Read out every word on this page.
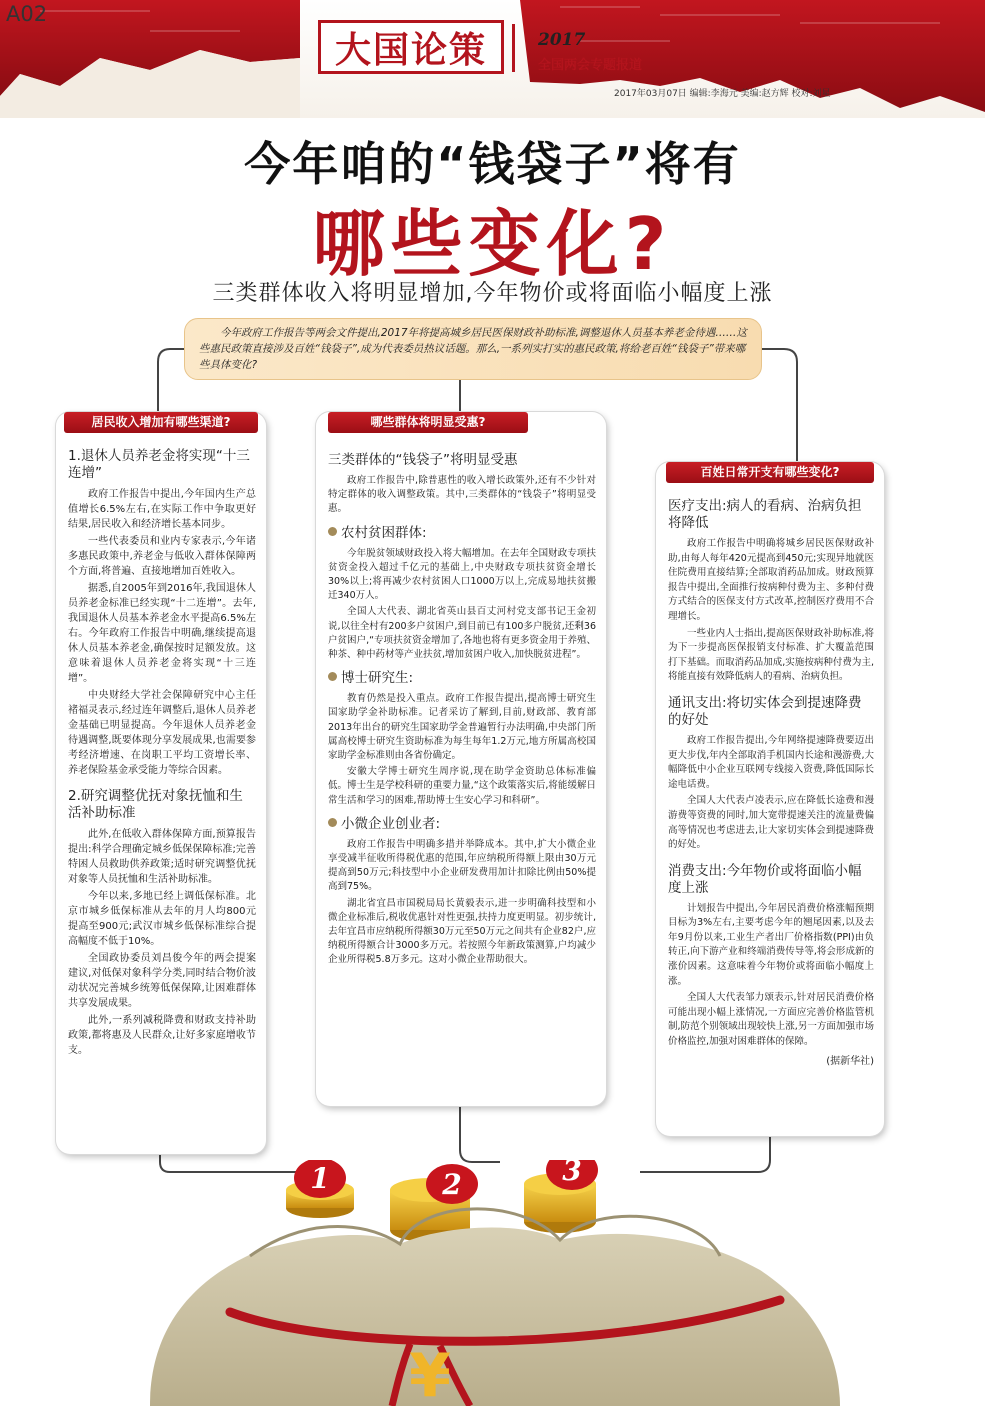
A02
大国论策	2017
全国两会专题报道
2017年03月07日 编辑:李海元 美编:赵方辉 校对:刘星
今年咱的“钱袋子”将有
哪些变化?
三类群体收入将明显增加,今年物价或将面临小幅度上涨
今年政府工作报告等两会文件提出,2017年将提高城乡居民医保财政补助标准,调整退休人员基本养老金待遇……这些惠民政策直接涉及百姓“钱袋子”,成为代表委员热议话题。那么,一系列实打实的惠民政策,将给老百姓“钱袋子”带来哪些具体变化?
居民收入增加有哪些渠道?
1.退休人员养老金将实现“十三连增”

政府工作报告中提出,今年国内生产总值增长6.5%左右,在实际工作中争取更好结果,居民收入和经济增长基本同步。

一些代表委员和业内专家表示,今年诸多惠民政策中,养老金与低收入群体保障两个方面,将普遍、直接地增加百姓收入。

据悉,自2005年到2016年,我国退休人员养老金标准已经实现“十二连增”。去年,我国退休人员基本养老金水平提高6.5%左右。今年政府工作报告中明确,继续提高退休人员基本养老金,确保按时足额发放。这意味着退休人员养老金将实现“十三连增”。

中央财经大学社会保障研究中心主任褚福灵表示,经过连年调整后,退休人员养老金基础已明显提高。今年退休人员养老金待遇调整,既要体现分享发展成果,也需要参考经济增速、在岗职工平均工资增长率、养老保险基金承受能力等综合因素。

2.研究调整优抚对象抚恤和生活补助标准

此外,在低收入群体保障方面,预算报告提出:科学合理确定城乡低保保障标准;完善特困人员救助供养政策;适时研究调整优抚对象等人员抚恤和生活补助标准。

今年以来,多地已经上调低保标准。北京市城乡低保标准从去年的月人均800元提高至900元;武汉市城乡低保标准综合提高幅度不低于10%。

全国政协委员刘昌俊今年的两会提案建议,对低保对象科学分类,同时结合物价波动状况完善城乡统筹低保保障,让困难群体共享发展成果。

此外,一系列减税降费和财政支持补助政策,都将惠及人民群众,让好多家庭增收节支。

哪些群体将明显受惠?
三类群体的“钱袋子”将明显受惠

政府工作报告中,除普惠性的收入增长政策外,还有不少针对特定群体的收入调整政策。其中,三类群体的“钱袋子”将明显受惠。

农村贫困群体:

今年脱贫领域财政投入将大幅增加。在去年全国财政专项扶贫资金投入超过千亿元的基础上,中央财政专项扶贫资金增长30%以上;将再减少农村贫困人口1000万以上,完成易地扶贫搬迁340万人。

全国人大代表、湖北省英山县百丈河村党支部书记王金初说,以往全村有200多户贫困户,到目前已有100多户脱贫,还剩36户贫困户,“专项扶贫资金增加了,各地也将有更多资金用于养殖、种茶、种中药材等产业扶贫,增加贫困户收入,加快脱贫进程”。

博士研究生:

教育仍然是投入重点。政府工作报告提出,提高博士研究生国家助学金补助标准。记者采访了解到,目前,财政部、教育部2013年出台的研究生国家助学金普遍暂行办法明确,中央部门所属高校博士研究生资助标准为每生每年1.2万元,地方所属高校国家助学金标准则由各省份确定。

安徽大学博士研究生周序说,现在助学金资助总体标准偏低。博士生是学校科研的重要力量,“这个政策落实后,将能缓解日常生活和学习的困难,帮助博士生安心学习和科研”。

小微企业创业者:

政府工作报告中明确多措并举降成本。其中,扩大小微企业享受减半征收所得税优惠的范围,年应纳税所得额上限由30万元提高到50万元;科技型中小企业研发费用加计扣除比例由50%提高到75%。

湖北省宜昌市国税局局长黄毅表示,进一步明确科技型和小微企业标准后,税收优惠针对性更强,扶持力度更明显。初步统计,去年宜昌市应纳税所得额30万元至50万元之间共有企业82户,应纳税所得额合计3000多万元。若按照今年新政策测算,户均减少企业所得税5.8万多元。这对小微企业帮助很大。

百姓日常开支有哪些变化?
医疗支出:病人的看病、治病负担将降低

政府工作报告中明确将城乡居民医保财政补助,由每人每年420元提高到450元;实现异地就医住院费用直接结算;全部取消药品加成。财政预算报告中提出,全面推行按病种付费为主、多种付费方式结合的医保支付方式改革,控制医疗费用不合理增长。

一些业内人士指出,提高医保财政补助标准,将为下一步提高医保报销支付标准、扩大覆盖范围打下基础。而取消药品加成,实施按病种付费为主,将能直接有效降低病人的看病、治病负担。

通讯支出:将切实体会到提速降费的好处

政府工作报告提出,今年网络提速降费要迈出更大步伐,年内全部取消手机国内长途和漫游费,大幅降低中小企业互联网专线接入资费,降低国际长途电话费。

全国人大代表卢凌表示,应在降低长途费和漫游费等资费的同时,加大宽带提速关注的流量费偏高等情况也考虑进去,让大家切实体会到提速降费的好处。

消费支出:今年物价或将面临小幅度上涨

计划报告中提出,今年居民消费价格涨幅预期目标为3%左右,主要考虑今年的翘尾因素,以及去年9月份以来,工业生产者出厂价格指数(PPI)由负转正,向下游产业和终端消费传导等,将会形成新的涨价因素。这意味着今年物价或将面临小幅度上涨。

全国人大代表邹力颂表示,针对居民消费价格可能出现小幅上涨情况,一方面应完善价格监管机制,防范个别领域出现较快上涨,另一方面加强市场价格监控,加强对困难群体的保障。

(据新华社)
¥
1	2	3
